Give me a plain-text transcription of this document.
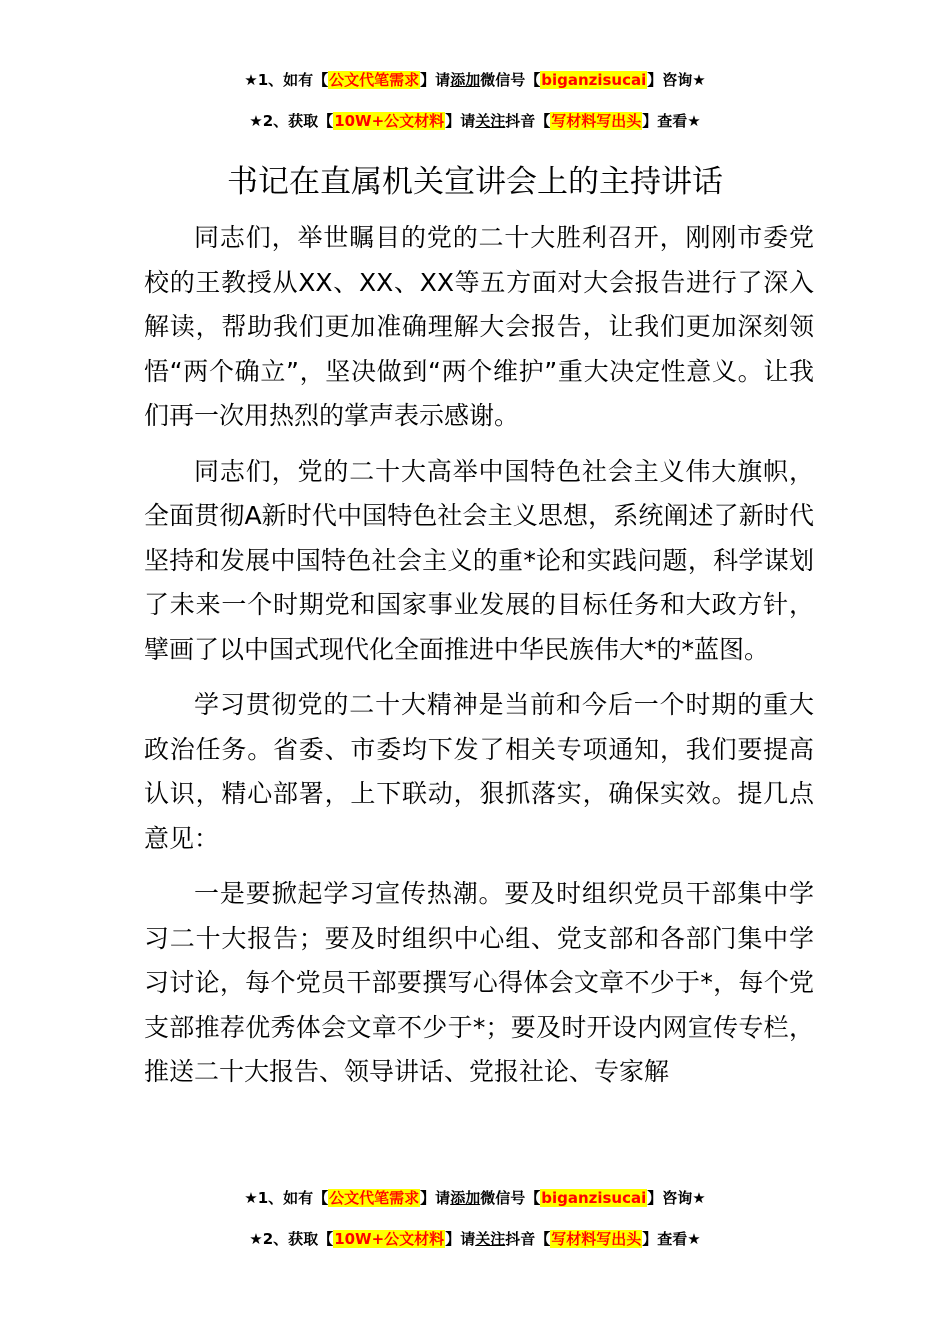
★1、如有【公文代笔需求】请添加微信号【biganzisucai】咨询★
★2、获取【10W+公文材料】请关注抖音【写材料写出头】查看★
书记在直属机关宣讲会上的主持讲话

同志们，举世瞩目的党的二十大胜利召开，刚刚市委党校的王教授从XX、XX、XX等五方面对大会报告进行了深入解读，帮助我们更加准确理解大会报告，让我们更加深刻领悟“两个确立”，坚决做到“两个维护”重大决定性意义。让我们再一次用热烈的掌声表示感谢。

同志们，党的二十大高举中国特色社会主义伟大旗帜，全面贯彻A新时代中国特色社会主义思想，系统阐述了新时代坚持和发展中国特色社会主义的重*论和实践问题，科学谋划了未来一个时期党和国家事业发展的目标任务和大政方针，擘画了以中国式现代化全面推进中华民族伟大*的*蓝图。

学习贯彻党的二十大精神是当前和今后一个时期的重大政治任务。省委、市委均下发了相关专项通知，我们要提高认识，精心部署，上下联动，狠抓落实，确保实效。提几点意见：

一是要掀起学习宣传热潮。要及时组织党员干部集中学习二十大报告；要及时组织中心组、党支部和各部门集中学习讨论，每个党员干部要撰写心得体会文章不少于*，每个党支部推荐优秀体会文章不少于*；要及时开设内网宣传专栏，推送二十大报告、领导讲话、党报社论、专家解

★1、如有【公文代笔需求】请添加微信号【biganzisucai】咨询★
★2、获取【10W+公文材料】请关注抖音【写材料写出头】查看★
